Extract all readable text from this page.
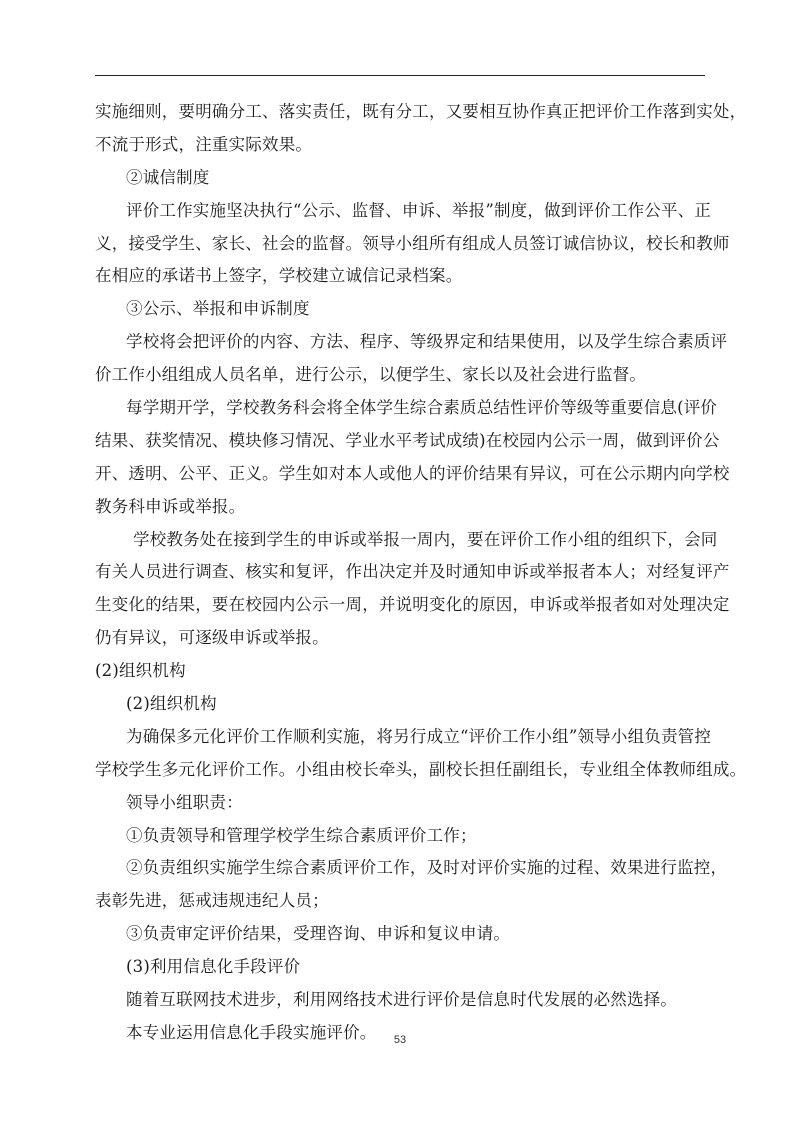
实施细则，要明确分工、落实责任，既有分工，又要相互协作真正把评价工作落到实处，
不流于形式，注重实际效果。
②诚信制度
评价工作实施坚决执行“公示、监督、申诉、举报”制度，做到评价工作公平、正
义，接受学生、家长、社会的监督。领导小组所有组成人员签订诚信协议，校长和教师
在相应的承诺书上签字，学校建立诚信记录档案。
③公示、举报和申诉制度
学校将会把评价的内容、方法、程序、等级界定和结果使用，以及学生综合素质评
价工作小组组成人员名单，进行公示，以便学生、家长以及社会进行监督。
每学期开学，学校教务科会将全体学生综合素质总结性评价等级等重要信息(评价
结果、获奖情况、模块修习情况、学业水平考试成绩)在校园内公示一周，做到评价公
开、透明、公平、正义。学生如对本人或他人的评价结果有异议，可在公示期内向学校
教务科申诉或举报。
学校教务处在接到学生的申诉或举报一周内，要在评价工作小组的组织下，会同
有关人员进行调查、核实和复评，作出决定并及时通知申诉或举报者本人；对经复评产
生变化的结果，要在校园内公示一周，并说明变化的原因，申诉或举报者如对处理决定
仍有异议，可逐级申诉或举报。
(2)组织机构
(2)组织机构
为确保多元化评价工作顺利实施，将另行成立“评价工作小组”领导小组负责管控
学校学生多元化评价工作。小组由校长牵头，副校长担任副组长，专业组全体教师组成。
领导小组职责：
①负责领导和管理学校学生综合素质评价工作；
②负责组织实施学生综合素质评价工作，及时对评价实施的过程、效果进行监控，
表彰先进，惩戒违规违纪人员；
③负责审定评价结果，受理咨询、申诉和复议申请。
(3)利用信息化手段评价
随着互联网技术进步，利用网络技术进行评价是信息时代发展的必然选择。
本专业运用信息化手段实施评价。	53
